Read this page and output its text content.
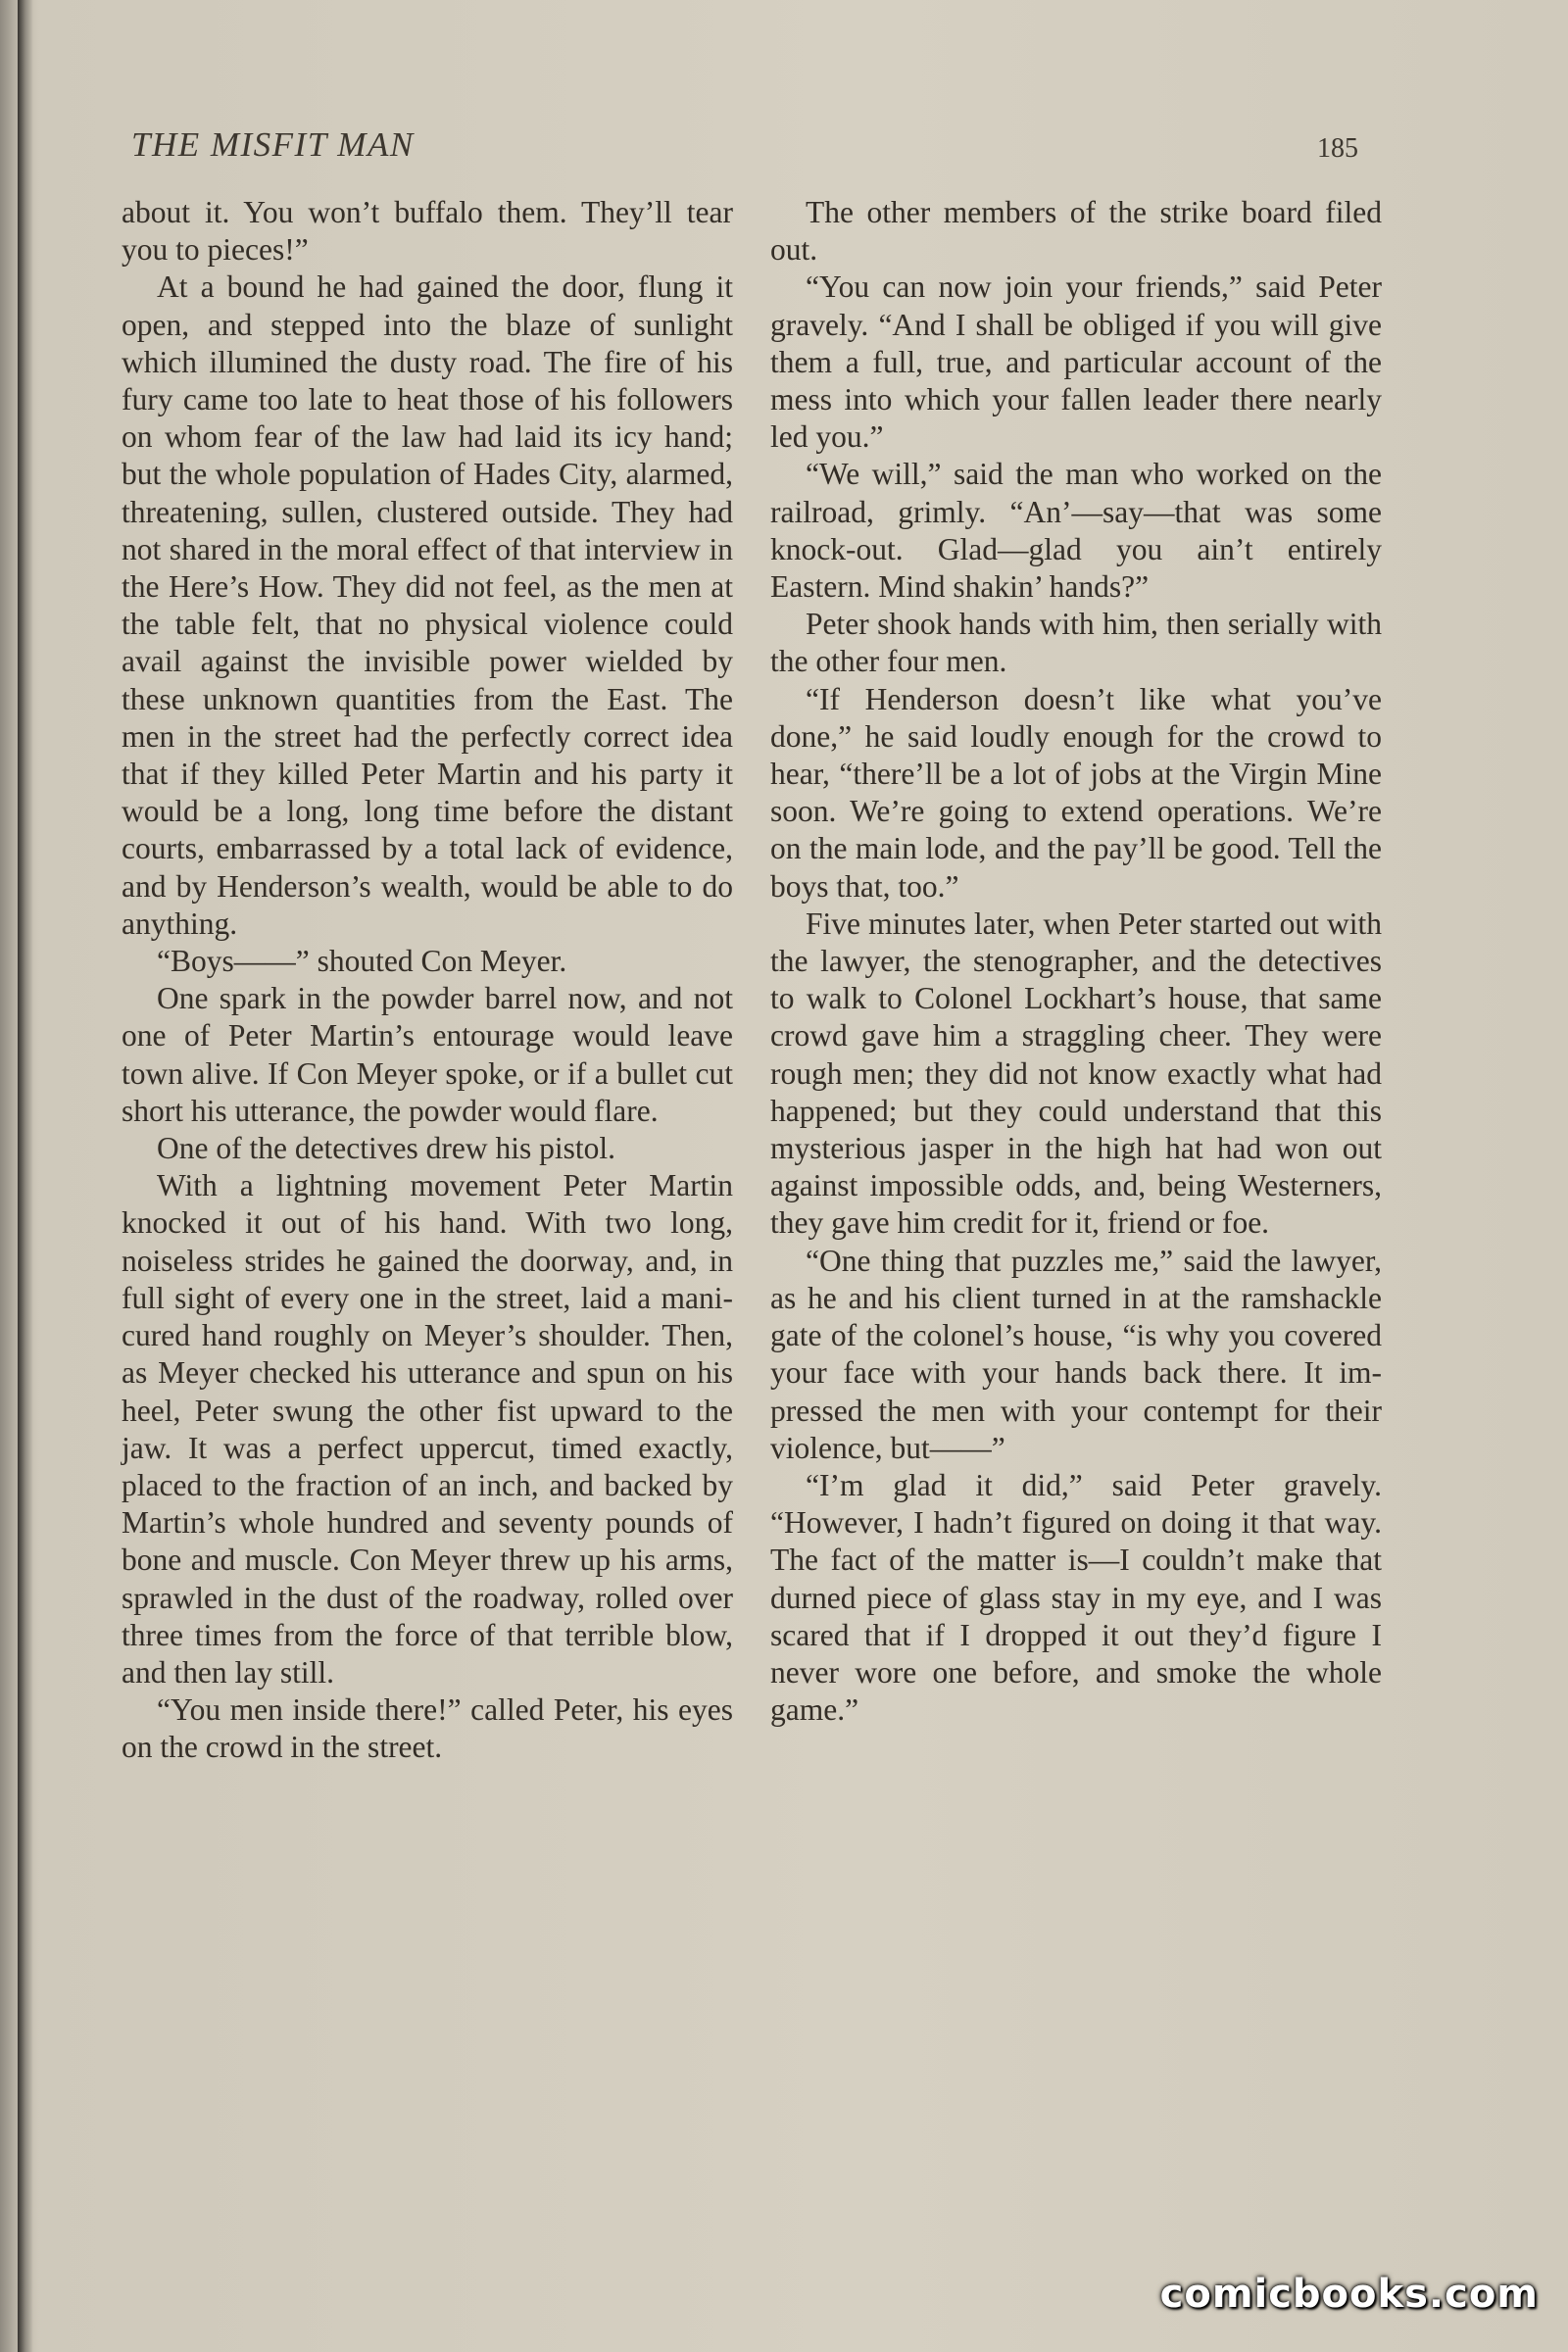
THE MISFIT MAN	185

about it. You won’t buffalo them. They’ll tear you to pieces!”

At a bound he had gained the door, flung it open, and stepped into the blaze of sunlight which illumined the dusty road. The fire of his fury came too late to heat those of his followers on whom fear of the law had laid its icy hand; but the whole population of Hades City, alarmed, threatening, sullen, clustered outside. They had not shared in the moral effect of that interview in the Here’s How. They did not feel, as the men at the table felt, that no physical violence could avail against the invisible power wielded by these unknown quantities from the East. The men in the street had the perfectly correct idea that if they killed Peter Martin and his party it would be a long, long time before the distant courts, embarrassed by a total lack of evidence, and by Henderson’s wealth, would be able to do anything.

“Boys——” shouted Con Meyer.

One spark in the powder barrel now, and not one of Peter Martin’s entourage would leave town alive. If Con Meyer spoke, or if a bullet cut short his utterance, the powder would flare.

One of the detectives drew his pistol.

With a lightning movement Peter Martin knocked it out of his hand. With two long, noiseless strides he gained the doorway, and, in full sight of every one in the street, laid a manicured hand roughly on Meyer’s shoulder. Then, as Meyer checked his utterance and spun on his heel, Peter swung the other fist upward to the jaw. It was a perfect uppercut, timed exactly, placed to the fraction of an inch, and backed by Martin’s whole hundred and seventy pounds of bone and muscle. Con Meyer threw up his arms, sprawled in the dust of the roadway, rolled over three times from the force of that terrible blow, and then lay still.

“You men inside there!” called Peter, his eyes on the crowd in the street.

The other members of the strike board filed out.

“You can now join your friends,” said Peter gravely. “And I shall be obliged if you will give them a full, true, and particular account of the mess into which your fallen leader there nearly led you.”

“We will,” said the man who worked on the railroad, grimly. “An’—say—that was some knock-out. Glad—glad you ain’t entirely Eastern. Mind shakin’ hands?”

Peter shook hands with him, then serially with the other four men.

“If Henderson doesn’t like what you’ve done,” he said loudly enough for the crowd to hear, “there’ll be a lot of jobs at the Virgin Mine soon. We’re going to extend operations. We’re on the main lode, and the pay’ll be good. Tell the boys that, too.”

Five minutes later, when Peter started out with the lawyer, the stenographer, and the detectives to walk to Colonel Lockhart’s house, that same crowd gave him a straggling cheer. They were rough men; they did not know exactly what had happened; but they could understand that this mysterious jasper in the high hat had won out against impossible odds, and, being Westerners, they gave him credit for it, friend or foe.

“One thing that puzzles me,” said the lawyer, as he and his client turned in at the ramshackle gate of the colonel’s house, “is why you covered your face with your hands back there. It impressed the men with your contempt for their violence, but——”

“I’m glad it did,” said Peter gravely. “However, I hadn’t figured on doing it that way. The fact of the matter is—I couldn’t make that durned piece of glass stay in my eye, and I was scared that if I dropped it out they’d figure I never wore one before, and smoke the whole game.”

comicbooks.com
